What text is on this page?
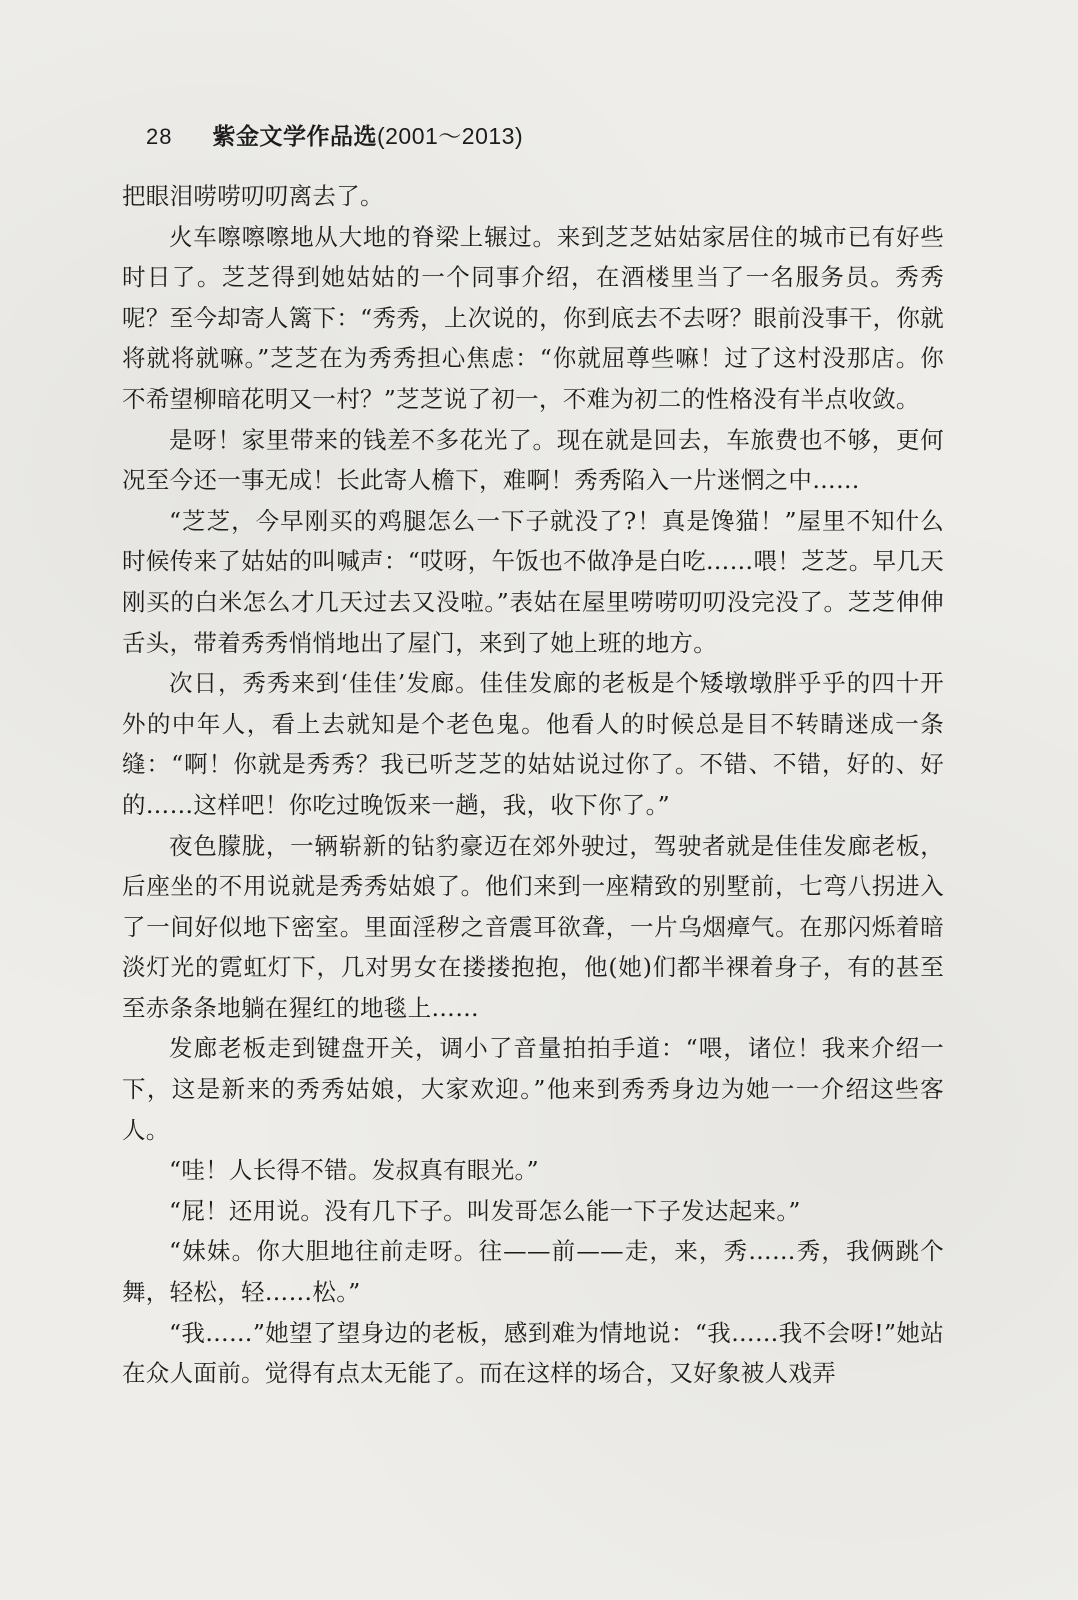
28 紫金文学作品选(2001～2013)

把眼泪唠唠叨叨离去了。

火车嚓嚓嚓地从大地的脊梁上辗过。来到芝芝姑姑家居住的城市已有好些时日了。芝芝得到她姑姑的一个同事介绍，在酒楼里当了一名服务员。秀秀呢？至今却寄人篱下：“秀秀，上次说的，你到底去不去呀？眼前没事干，你就将就将就嘛。”芝芝在为秀秀担心焦虑：“你就屈尊些嘛！过了这村没那店。你不希望柳暗花明又一村？”芝芝说了初一，不难为初二的性格没有半点收敛。

是呀！家里带来的钱差不多花光了。现在就是回去，车旅费也不够，更何况至今还一事无成！长此寄人檐下，难啊！秀秀陷入一片迷惘之中……

“芝芝，今早刚买的鸡腿怎么一下子就没了?！真是馋猫！”屋里不知什么时候传来了姑姑的叫喊声：“哎呀，午饭也不做净是白吃……喂！芝芝。早几天刚买的白米怎么才几天过去又没啦。”表姑在屋里唠唠叨叨没完没了。芝芝伸伸舌头，带着秀秀悄悄地出了屋门，来到了她上班的地方。

次日，秀秀来到‘佳佳’发廊。佳佳发廊的老板是个矮墩墩胖乎乎的四十开外的中年人，看上去就知是个老色鬼。他看人的时候总是目不转睛迷成一条缝：“啊！你就是秀秀？我已听芝芝的姑姑说过你了。不错、不错，好的、好的……这样吧！你吃过晚饭来一趟，我，收下你了。”

夜色朦胧，一辆崭新的钻豹豪迈在郊外驶过，驾驶者就是佳佳发廊老板，后座坐的不用说就是秀秀姑娘了。他们来到一座精致的别墅前，七弯八拐进入了一间好似地下密室。里面淫秽之音震耳欲聋，一片乌烟瘴气。在那闪烁着暗淡灯光的霓虹灯下，几对男女在搂搂抱抱，他(她)们都半裸着身子，有的甚至至赤条条地躺在猩红的地毯上……

发廊老板走到键盘开关，调小了音量拍拍手道：“喂，诸位！我来介绍一下，这是新来的秀秀姑娘，大家欢迎。”他来到秀秀身边为她一一介绍这些客人。

“哇！人长得不错。发叔真有眼光。”

“屁！还用说。没有几下子。叫发哥怎么能一下子发达起来。”

“妹妹。你大胆地往前走呀。往——前——走，来，秀……秀，我俩跳个舞，轻松，轻……松。”

“我……”她望了望身边的老板，感到难为情地说：“我……我不会呀!”她站在众人面前。觉得有点太无能了。而在这样的场合，又好象被人戏弄
